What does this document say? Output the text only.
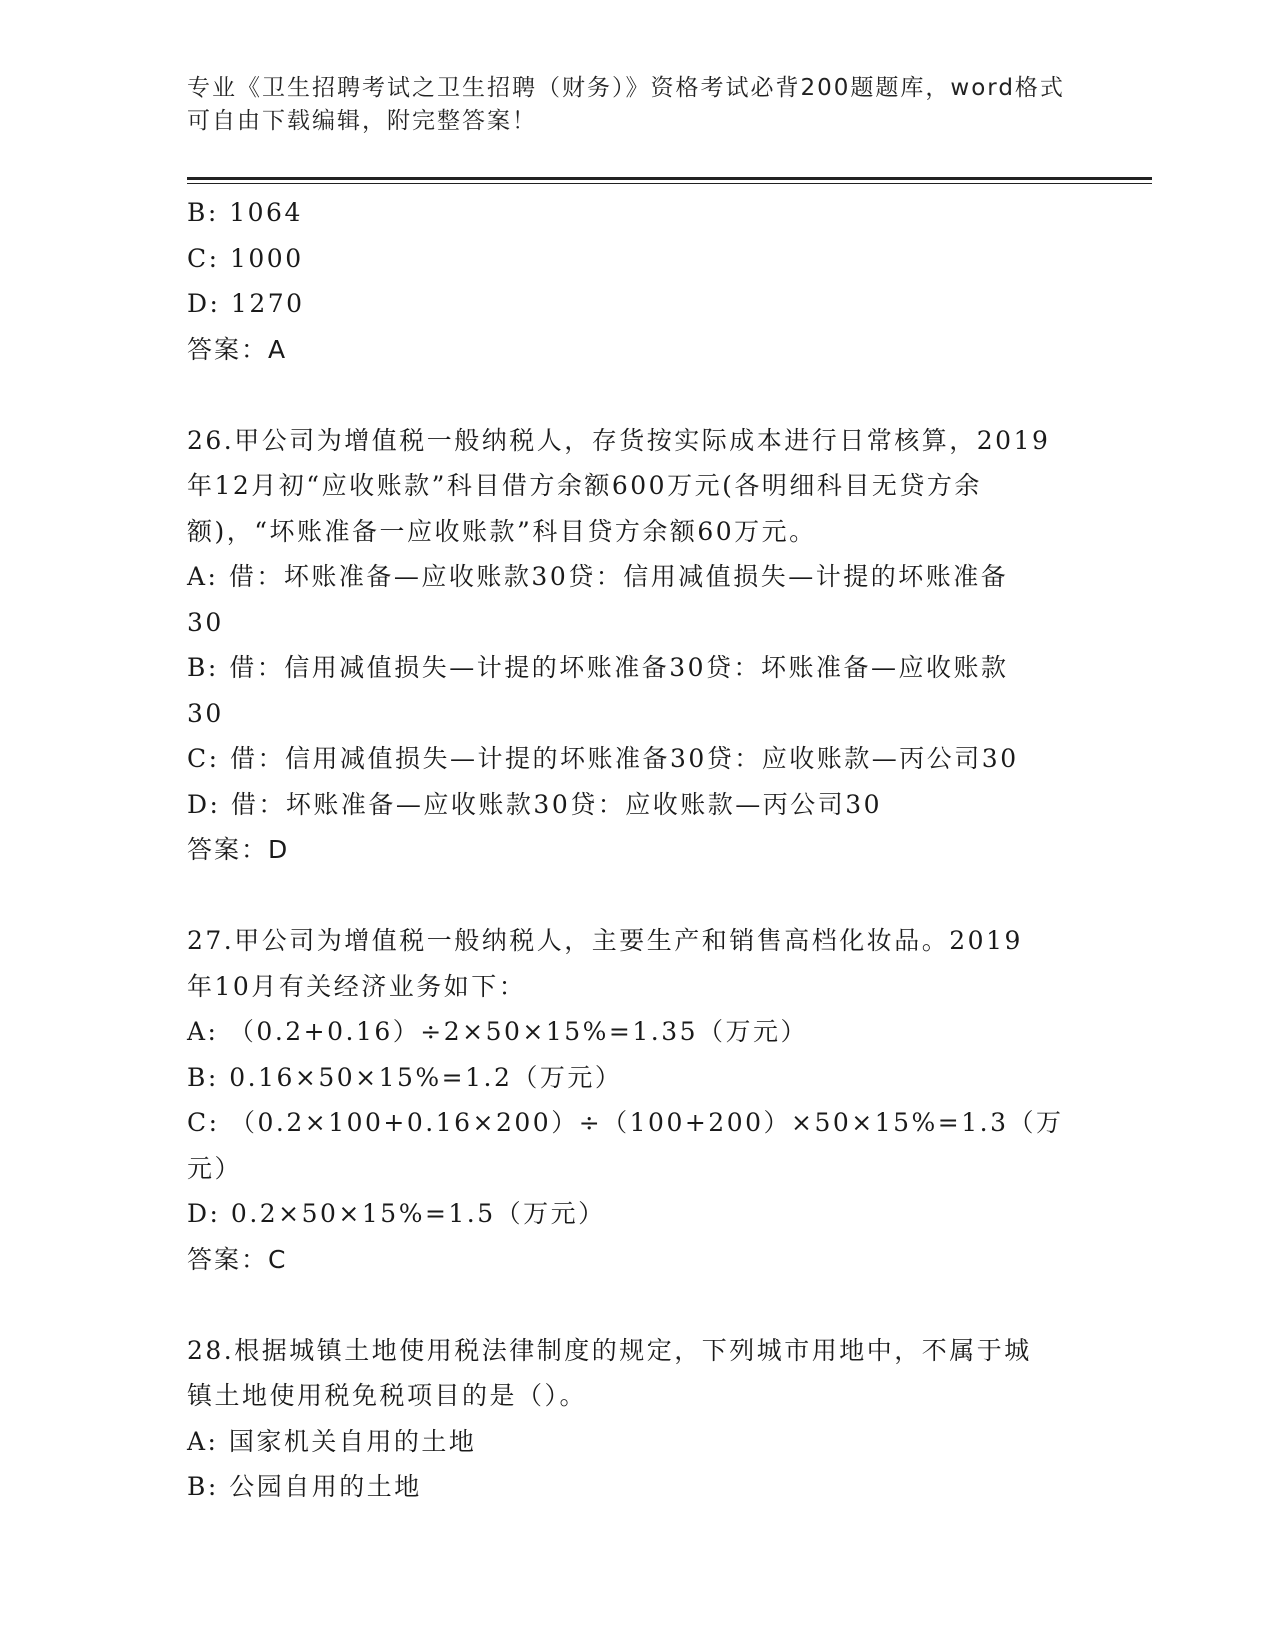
专业《卫生招聘考试之卫生招聘（财务）》资格考试必背200题题库，word格式
可自由下载编辑，附完整答案！
B: 1064
C: 1000
D: 1270
答案：A
26.甲公司为增值税一般纳税人，存货按实际成本进行日常核算，2019
年12月初“应收账款”科目借方余额600万元(各明细科目无贷方余
额)，“坏账准备一应收账款”科目贷方余额60万元。
A: 借：坏账准备—应收账款30贷：信用减值损失—计提的坏账准备
30
B: 借：信用减值损失—计提的坏账准备30贷：坏账准备—应收账款
30
C: 借：信用减值损失—计提的坏账准备30贷：应收账款—丙公司30
D: 借：坏账准备—应收账款30贷：应收账款—丙公司30
答案：D
27.甲公司为增值税一般纳税人，主要生产和销售高档化妆品。2019
年10月有关经济业务如下：
A: （0.2+0.16）÷2×50×15%=1.35（万元）
B: 0.16×50×15%=1.2（万元）
C: （0.2×100+0.16×200）÷（100+200）×50×15%=1.3（万元）
D: 0.2×50×15%=1.5（万元）
答案：C
28.根据城镇土地使用税法律制度的规定，下列城市用地中，不属于城
镇土地使用税免税项目的是（）。
A: 国家机关自用的土地
B: 公园自用的土地
